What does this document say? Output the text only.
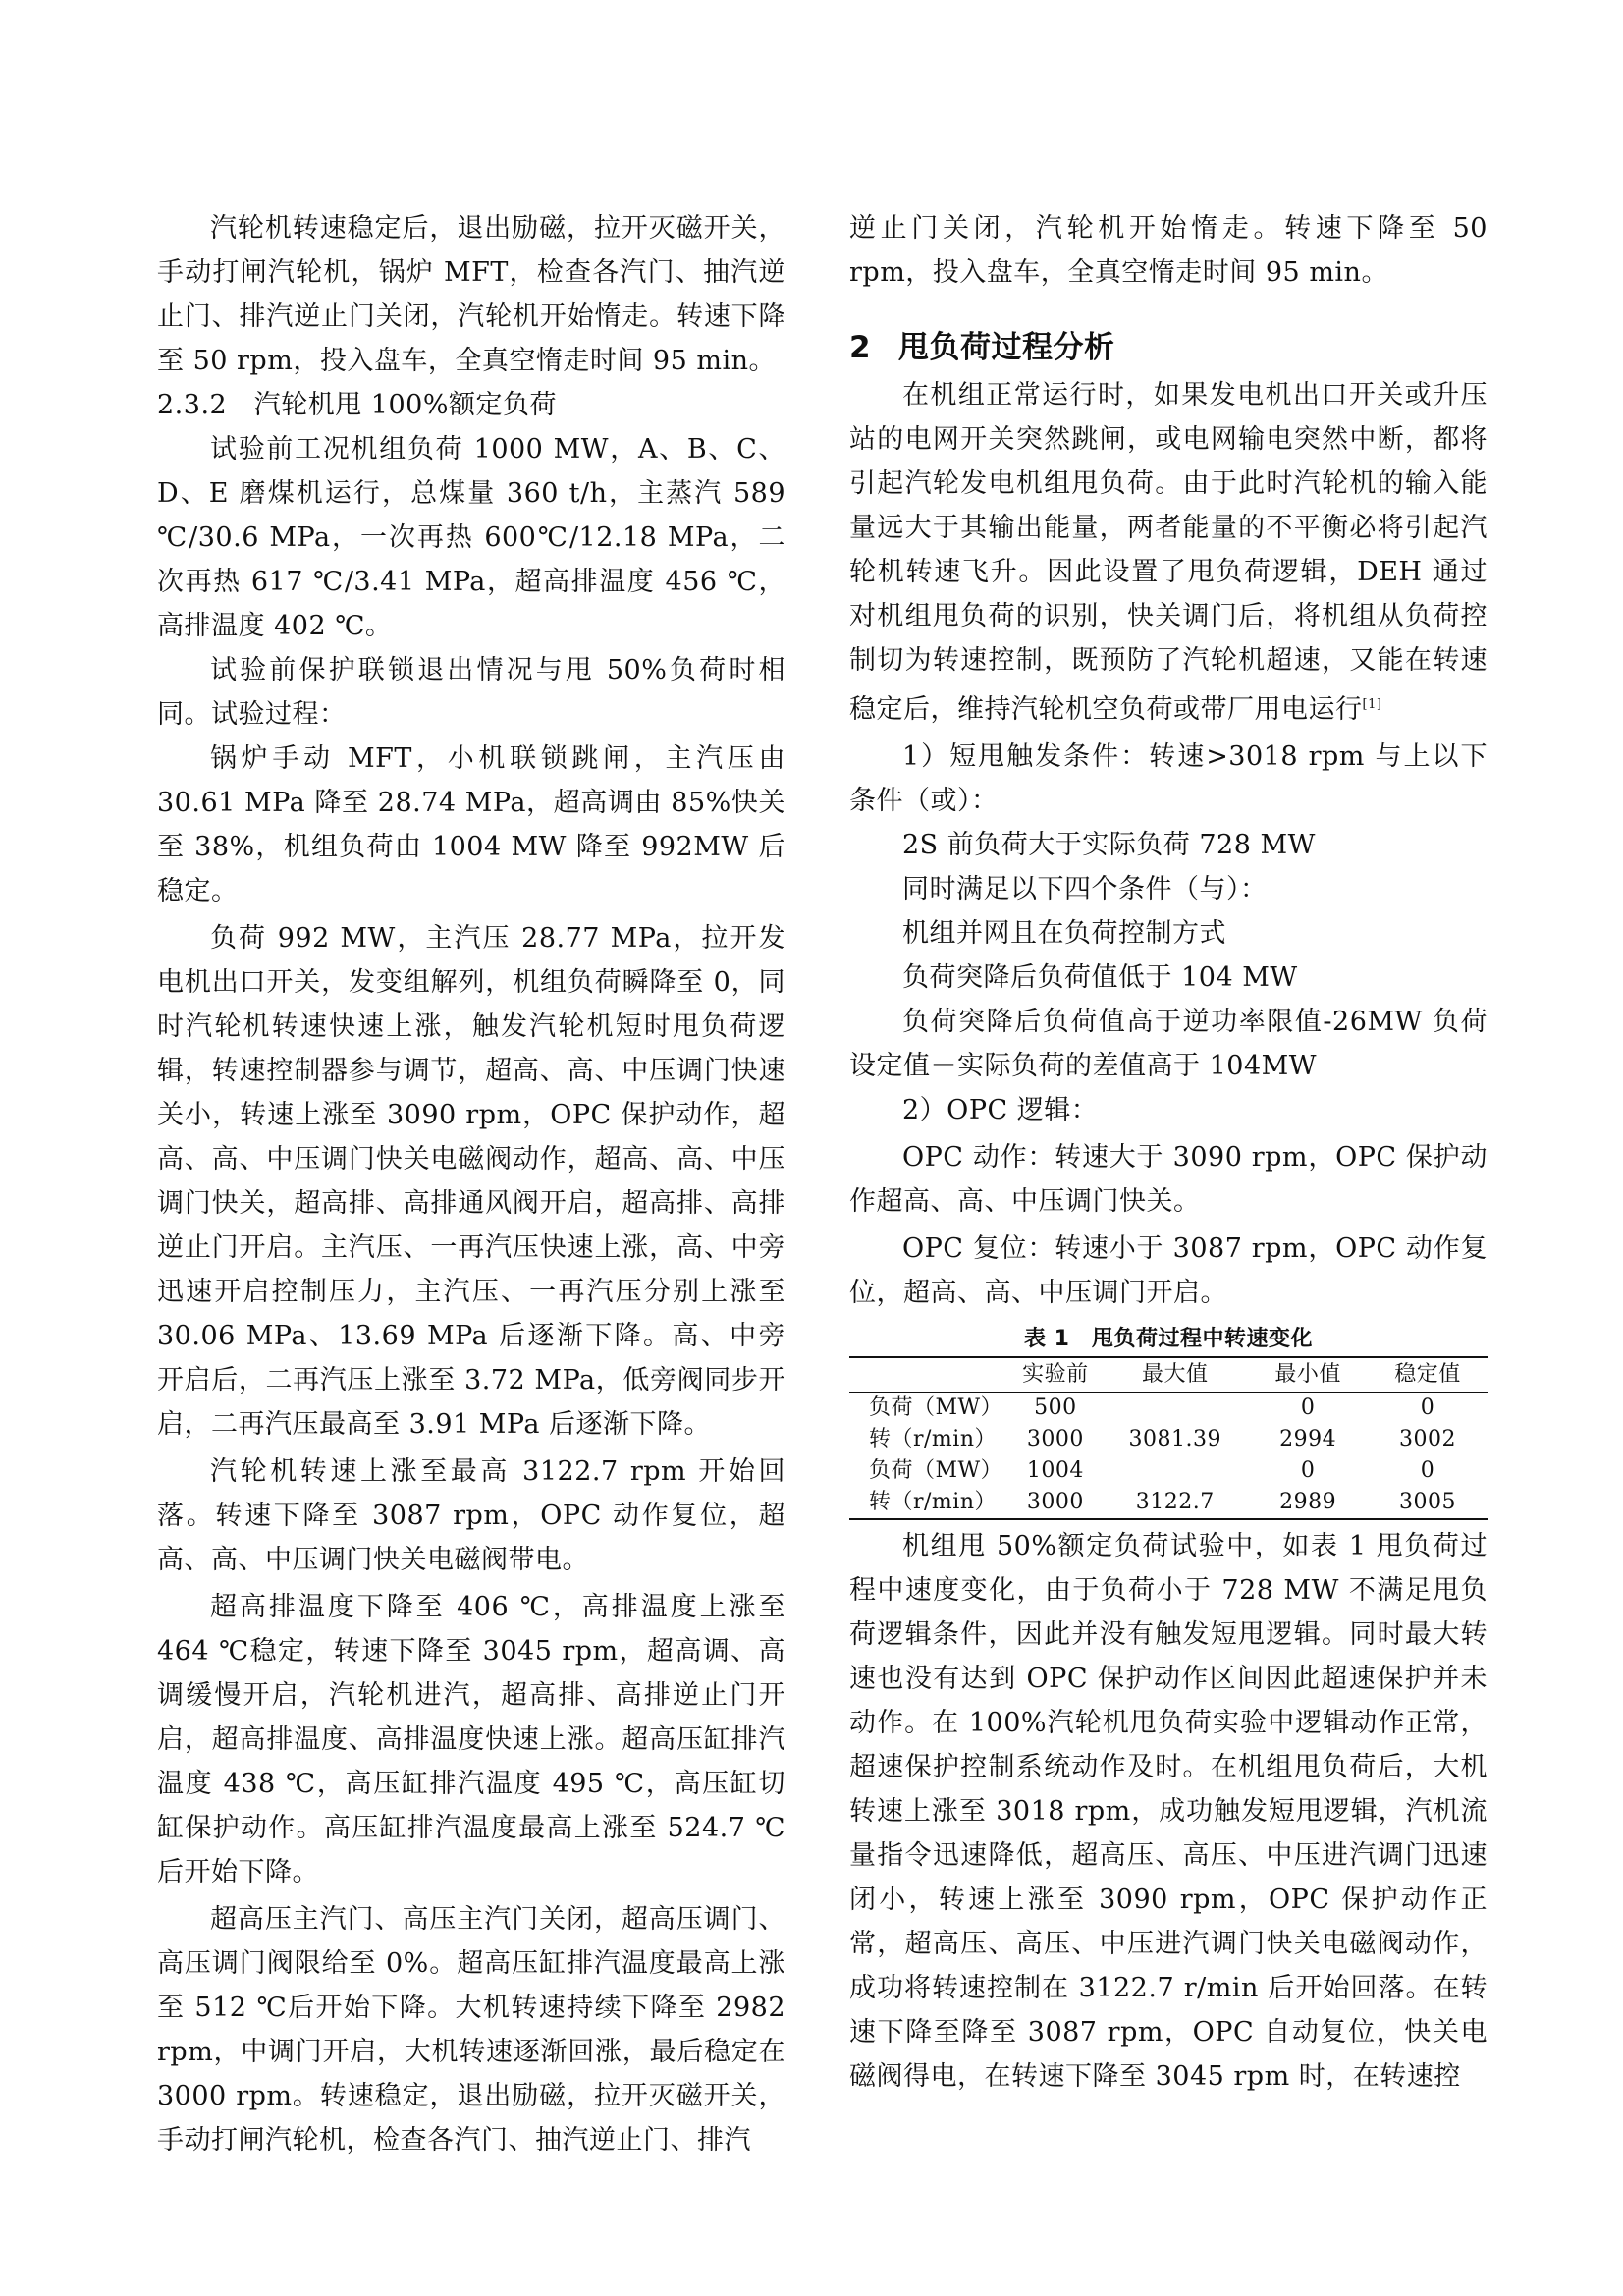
汽轮机转速稳定后，退出励磁，拉开灭磁开关，手动打闸汽轮机，锅炉 MFT，检查各汽门、抽汽逆止门、排汽逆止门关闭，汽轮机开始惰走。转速下降至 50 rpm，投入盘车，全真空惰走时间 95 min。

2.3.2　汽轮机甩 100%额定负荷

试验前工况机组负荷 1000 MW，A、B、C、D、E 磨煤机运行，总煤量 360 t/h，主蒸汽 589 ℃/30.6 MPa，一次再热 600℃/12.18 MPa，二次再热 617 ℃/3.41 MPa，超高排温度 456 ℃，高排温度 402 ℃。

试验前保护联锁退出情况与甩 50%负荷时相同。试验过程：

锅炉手动 MFT，小机联锁跳闸，主汽压由 30.61 MPa 降至 28.74 MPa，超高调由 85%快关至 38%，机组负荷由 1004 MW 降至 992MW 后稳定。

负荷 992 MW，主汽压 28.77 MPa，拉开发电机出口开关，发变组解列，机组负荷瞬降至 0，同时汽轮机转速快速上涨，触发汽轮机短时甩负荷逻辑，转速控制器参与调节，超高、高、中压调门快速关小，转速上涨至 3090 rpm，OPC 保护动作，超高、高、中压调门快关电磁阀动作，超高、高、中压调门快关，超高排、高排通风阀开启，超高排、高排逆止门开启。主汽压、一再汽压快速上涨，高、中旁迅速开启控制压力，主汽压、一再汽压分别上涨至 30.06 MPa、13.69 MPa 后逐渐下降。高、中旁开启后，二再汽压上涨至 3.72 MPa，低旁阀同步开启，二再汽压最高至 3.91 MPa 后逐渐下降。

汽轮机转速上涨至最高 3122.7 rpm 开始回落。转速下降至 3087 rpm，OPC 动作复位，超高、高、中压调门快关电磁阀带电。

超高排温度下降至 406 ℃，高排温度上涨至 464 ℃稳定，转速下降至 3045 rpm，超高调、高调缓慢开启，汽轮机进汽，超高排、高排逆止门开启，超高排温度、高排温度快速上涨。超高压缸排汽温度 438 ℃，高压缸排汽温度 495 ℃，高压缸切缸保护动作。高压缸排汽温度最高上涨至 524.7 ℃后开始下降。

超高压主汽门、高压主汽门关闭，超高压调门、高压调门阀限给至 0%。超高压缸排汽温度最高上涨至 512 ℃后开始下降。大机转速持续下降至 2982 rpm，中调门开启，大机转速逐渐回涨，最后稳定在 3000 rpm。转速稳定，退出励磁，拉开灭磁开关，手动打闸汽轮机，检查各汽门、抽汽逆止门、排汽

逆止门关闭，汽轮机开始惰走。转速下降至 50 rpm，投入盘车，全真空惰走时间 95 min。

2 甩负荷过程分析

在机组正常运行时，如果发电机出口开关或升压站的电网开关突然跳闸，或电网输电突然中断，都将引起汽轮发电机组甩负荷。由于此时汽轮机的输入能量远大于其输出能量，两者能量的不平衡必将引起汽轮机转速飞升。因此设置了甩负荷逻辑，DEH 通过对机组甩负荷的识别，快关调门后，将机组从负荷控制切为转速控制，既预防了汽轮机超速，又能在转速稳定后，维持汽轮机空负荷或带厂用电运行[1]

1）短甩触发条件：转速>3018 rpm 与上以下条件（或）：

2S 前负荷大于实际负荷 728 MW

同时满足以下四个条件（与）：

机组并网且在负荷控制方式

负荷突降后负荷值低于 104 MW

负荷突降后负荷值高于逆功率限值-26MW 负荷设定值－实际负荷的差值高于 104MW

2）OPC 逻辑：

OPC 动作：转速大于 3090 rpm，OPC 保护动作超高、高、中压调门快关。

OPC 复位：转速小于 3087 rpm，OPC 动作复位，超高、高、中压调门开启。

表 1　甩负荷过程中转速变化
	实验前	最大值	最小值	稳定值
负荷（MW）	500		0	0
转（r/min）	3000	3081.39	2994	3002
负荷（MW）	1004		0	0
转（r/min）	3000	3122.7	2989	3005

机组甩 50%额定负荷试验中，如表 1 甩负荷过程中速度变化，由于负荷小于 728 MW 不满足甩负荷逻辑条件，因此并没有触发短甩逻辑。同时最大转速也没有达到 OPC 保护动作区间因此超速保护并未动作。在 100%汽轮机甩负荷实验中逻辑动作正常，超速保护控制系统动作及时。在机组甩负荷后，大机转速上涨至 3018 rpm，成功触发短甩逻辑，汽机流量指令迅速降低，超高压、高压、中压进汽调门迅速闭小，转速上涨至 3090 rpm，OPC 保护动作正常，超高压、高压、中压进汽调门快关电磁阀动作，成功将转速控制在 3122.7 r/min 后开始回落。在转速下降至降至 3087 rpm，OPC 自动复位，快关电磁阀得电，在转速下降至 3045 rpm 时，在转速控
